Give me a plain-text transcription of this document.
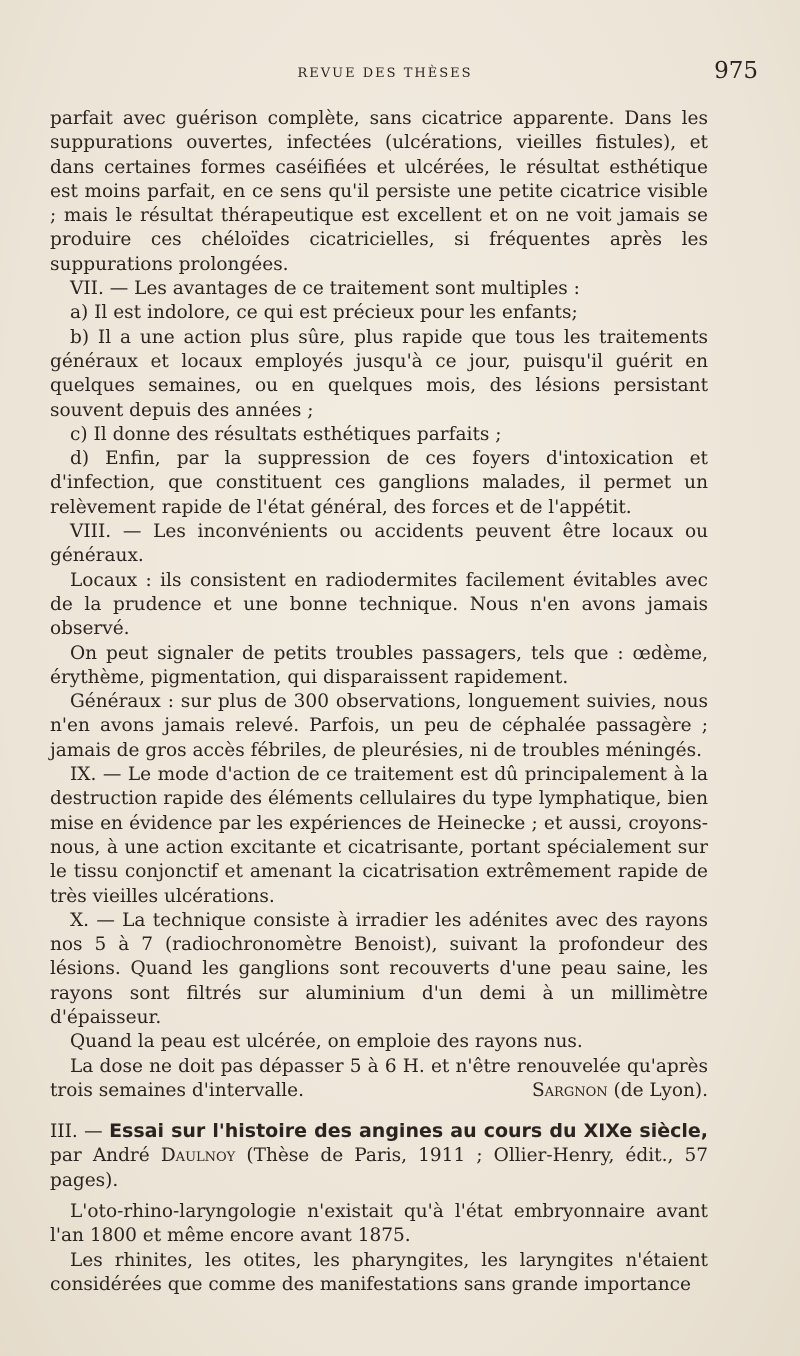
REVUE DES THÈSES	975

parfait avec guérison complète, sans cicatrice apparente. Dans les suppurations ouvertes, infectées (ulcérations, vieilles fistules), et dans certaines formes caséifiées et ulcérées, le résultat esthétique est moins parfait, en ce sens qu'il persiste une petite cicatrice visible ; mais le résultat thérapeutique est excellent et on ne voit jamais se produire ces chéloïdes cicatricielles, si fréquentes après les suppurations prolongées.

VII. — Les avantages de ce traitement sont multiples :

a) Il est indolore, ce qui est précieux pour les enfants;

b) Il a une action plus sûre, plus rapide que tous les traitements généraux et locaux employés jusqu'à ce jour, puisqu'il guérit en quelques semaines, ou en quelques mois, des lésions persistant souvent depuis des années ;

c) Il donne des résultats esthétiques parfaits ;

d) Enfin, par la suppression de ces foyers d'intoxication et d'infection, que constituent ces ganglions malades, il permet un relèvement rapide de l'état général, des forces et de l'appétit.

VIII. — Les inconvénients ou accidents peuvent être locaux ou généraux.

Locaux : ils consistent en radiodermites facilement évitables avec de la prudence et une bonne technique. Nous n'en avons jamais observé.

On peut signaler de petits troubles passagers, tels que : œdème, érythème, pigmentation, qui disparaissent rapidement.

Généraux : sur plus de 300 observations, longuement suivies, nous n'en avons jamais relevé. Parfois, un peu de céphalée passagère ; jamais de gros accès fébriles, de pleurésies, ni de troubles méningés.

IX. — Le mode d'action de ce traitement est dû principalement à la destruction rapide des éléments cellulaires du type lymphatique, bien mise en évidence par les expériences de Heinecke ; et aussi, croyons-nous, à une action excitante et cicatrisante, portant spécialement sur le tissu conjonctif et amenant la cicatrisation extrêmement rapide de très vieilles ulcérations.

X. — La technique consiste à irradier les adénites avec des rayons nos 5 à 7 (radiochronomètre Benoist), suivant la profondeur des lésions. Quand les ganglions sont recouverts d'une peau saine, les rayons sont filtrés sur aluminium d'un demi à un millimètre d'épaisseur.

Quand la peau est ulcérée, on emploie des rayons nus.

La dose ne doit pas dépasser 5 à 6 H. et n'être renouvelée qu'après trois semaines d'intervalle.	Sargnon (de Lyon).

III. — Essai sur l'histoire des angines au cours du XIXe siècle, par André Daulnoy (Thèse de Paris, 1911 ; Ollier-Henry, édit., 57 pages).

L'oto-rhino-laryngologie n'existait qu'à l'état embryonnaire avant l'an 1800 et même encore avant 1875.

Les rhinites, les otites, les pharyngites, les laryngites n'étaient considérées que comme des manifestations sans grande importance
